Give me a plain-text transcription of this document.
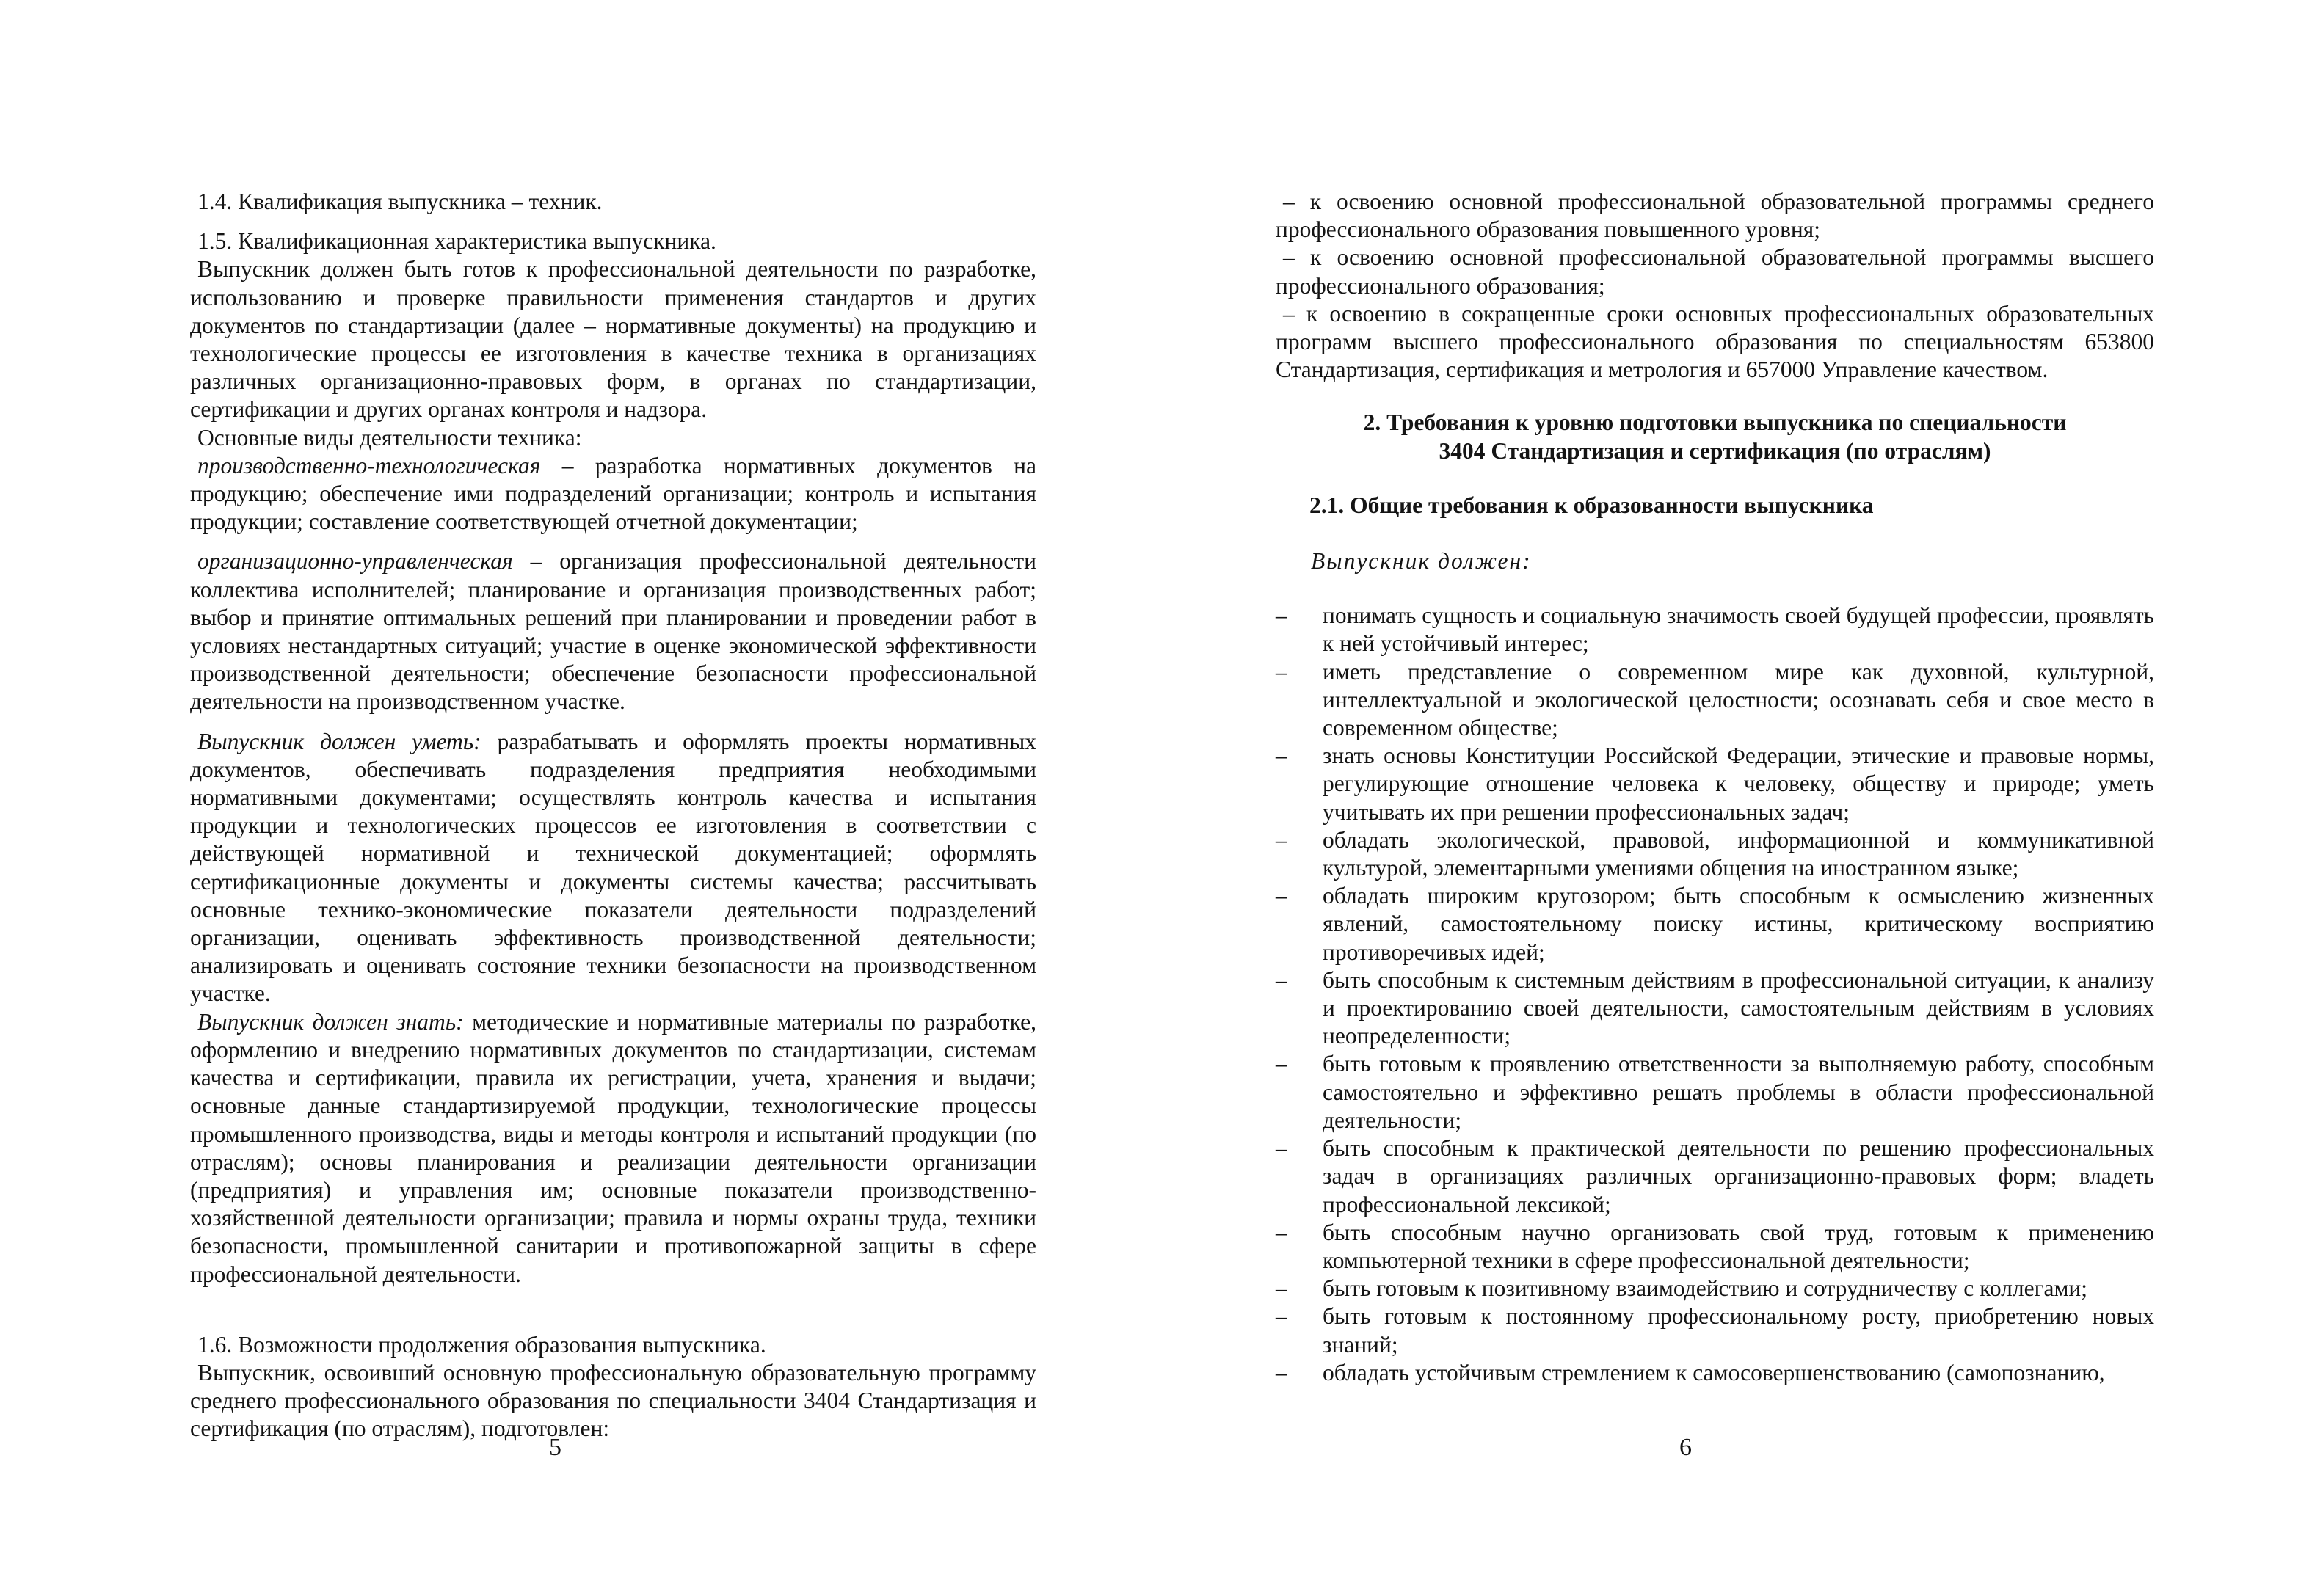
1.4. Квалификация выпускника – техник.

1.5. Квалификационная характеристика выпускника.

Выпускник должен быть готов к профессиональной деятельности по разработке, использованию и проверке правильности применения стандартов и других документов по стандартизации (далее – нормативные документы) на продукцию и технологические процессы ее изготовления в качестве техника в организациях различных организационно-правовых форм, в органах по стандартизации, сертификации и других органах контроля и надзора.

Основные виды деятельности техника:

производственно-технологическая – разработка нормативных документов на продукцию; обеспечение ими подразделений организации; контроль и испытания продукции; составление соответствующей отчетной документации;

организационно-управленческая – организация профессиональной деятельности коллектива исполнителей; планирование и организация производственных работ; выбор и принятие оптимальных решений при планировании и проведении работ в условиях нестандартных ситуаций; участие в оценке экономической эффективности производственной деятельности; обеспечение безопасности профессиональной деятельности на производственном участке.

Выпускник должен уметь: разрабатывать и оформлять проекты нормативных документов, обеспечивать подразделения предприятия необходимыми нормативными документами; осуществлять контроль качества и испытания продукции и технологических процессов ее изготовления в соответствии с действующей нормативной и технической документацией; оформлять сертификационные документы и документы системы качества; рассчитывать основные технико-экономические показатели деятельности подразделений организации, оценивать эффективность производственной деятельности; анализировать и оценивать состояние техники безопасности на производственном участке.

Выпускник должен знать: методические и нормативные материалы по разработке, оформлению и внедрению нормативных документов по стандартизации, системам качества и сертификации, правила их регистрации, учета, хранения и выдачи; основные данные стандартизируемой продукции, технологические процессы промышленного производства, виды и методы контроля и испытаний продукции (по отраслям); основы планирования и реализации деятельности организации (предприятия) и управления им; основные показатели производственно-хозяйственной деятельности организации; правила и нормы охраны труда, техники безопасности, промышленной санитарии и противопожарной защиты в сфере профессиональной деятельности.

1.6. Возможности продолжения образования выпускника.

Выпускник, освоивший основную профессиональную образовательную программу среднего профессионального образования по специальности 3404 Стандартизация и сертификация (по отраслям), подготовлен:

5

– к освоению основной профессиональной образовательной программы среднего профессионального образования повышенного уровня;

– к освоению основной профессиональной образовательной программы высшего профессионального образования;

– к освоению в сокращенные сроки основных профессиональных образовательных программ высшего профессионального образования по специальностям 653800 Стандартизация, сертификация и метрология и 657000 Управление качеством.

2. Требования к уровню подготовки выпускника по специальности
3404 Стандартизация и сертификация (по отраслям)

2.1. Общие требования к образованности выпускника

Выпускник должен:

– понимать сущность и социальную значимость своей будущей профессии, проявлять к ней устойчивый интерес;
– иметь представление о современном мире как духовной, культурной, интеллектуальной и экологической целостности; осознавать себя и свое место в современном обществе;
– знать основы Конституции Российской Федерации, этические и правовые нормы, регулирующие отношение человека к человеку, обществу и природе; уметь учитывать их при решении профессиональных задач;
– обладать экологической, правовой, информационной и коммуникативной культурой, элементарными умениями общения на иностранном языке;
– обладать широким кругозором; быть способным к осмыслению жизненных явлений, самостоятельному поиску истины, критическому восприятию противоречивых идей;
– быть способным к системным действиям в профессиональной ситуации, к анализу и проектированию своей деятельности, самостоятельным действиям в условиях неопределенности;
– быть готовым к проявлению ответственности за выполняемую работу, способным самостоятельно и эффективно решать проблемы в области профессиональной деятельности;
– быть способным к практической деятельности по решению профессиональных задач в организациях различных организационно-правовых форм; владеть профессиональной лексикой;
– быть способным научно организовать свой труд, готовым к применению компьютерной техники в сфере профессиональной деятельности;
– быть готовым к позитивному взаимодействию и сотрудничеству с коллегами;
– быть готовым к постоянному профессиональному росту, приобретению новых знаний;
– обладать устойчивым стремлением к самосовершенствованию (самопознанию,
6
